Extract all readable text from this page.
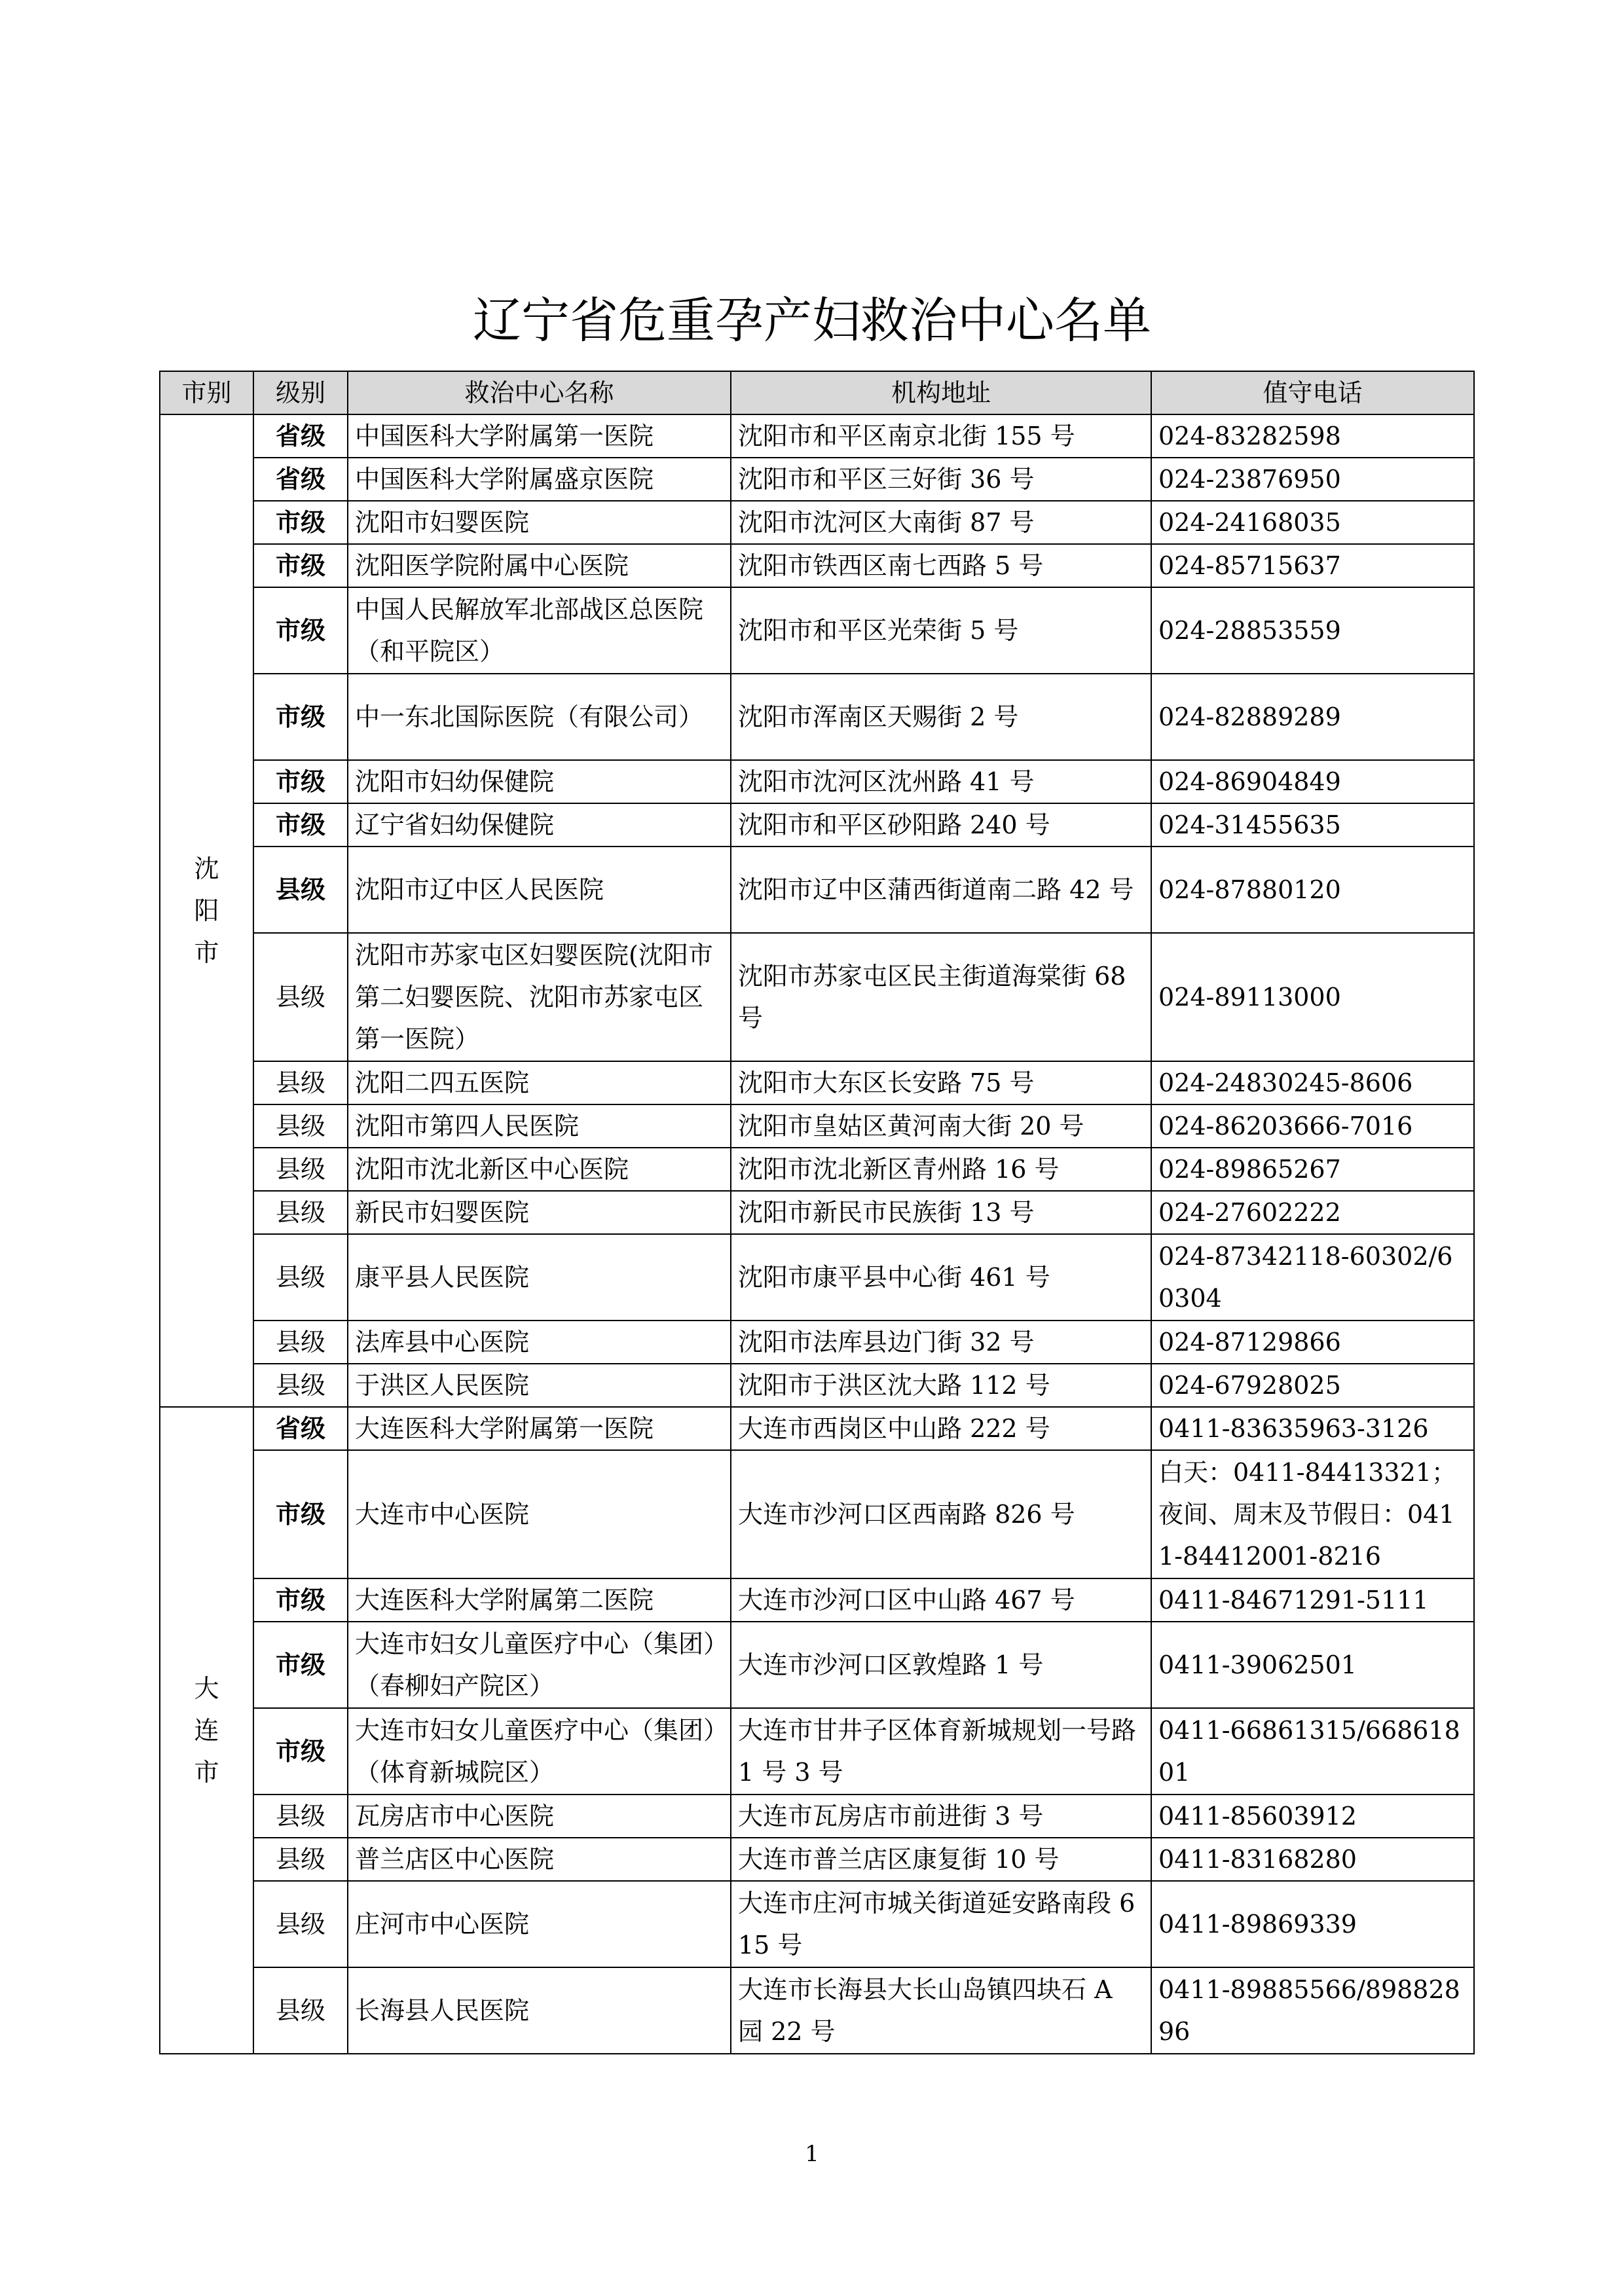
辽宁省危重孕产妇救治中心名单
市别	级别	救治中心名称	机构地址	值守电话
沈
阳
市	省级	中国医科大学附属第一医院	沈阳市和平区南京北街 155 号	024-83282598
	省级	中国医科大学附属盛京医院	沈阳市和平区三好街 36 号	024-23876950
	市级	沈阳市妇婴医院	沈阳市沈河区大南街 87 号	024-24168035
	市级	沈阳医学院附属中心医院	沈阳市铁西区南七西路 5 号	024-85715637
	市级	中国人民解放军北部战区总医院（和平院区）	沈阳市和平区光荣街 5 号	024-28853559
	市级	中一东北国际医院（有限公司）	沈阳市浑南区天赐街 2 号	024-82889289
	市级	沈阳市妇幼保健院	沈阳市沈河区沈州路 41 号	024-86904849
	市级	辽宁省妇幼保健院	沈阳市和平区砂阳路 240 号	024-31455635
	县级	沈阳市辽中区人民医院	沈阳市辽中区蒲西街道南二路 42 号	024-87880120
	县级	沈阳市苏家屯区妇婴医院(沈阳市第二妇婴医院、沈阳市苏家屯区第一医院）	沈阳市苏家屯区民主街道海棠街 68 号	024-89113000
	县级	沈阳二四五医院	沈阳市大东区长安路 75 号	024-24830245-8606
	县级	沈阳市第四人民医院	沈阳市皇姑区黄河南大街 20 号	024-86203666-7016
	县级	沈阳市沈北新区中心医院	沈阳市沈北新区青州路 16 号	024-89865267
	县级	新民市妇婴医院	沈阳市新民市民族街 13 号	024-27602222
	县级	康平县人民医院	沈阳市康平县中心街 461 号	024-87342118-60302/60304
	县级	法库县中心医院	沈阳市法库县边门街 32 号	024-87129866
	县级	于洪区人民医院	沈阳市于洪区沈大路 112 号	024-67928025
大
连
市	省级	大连医科大学附属第一医院	大连市西岗区中山路 222 号	0411-83635963-3126
	市级	大连市中心医院	大连市沙河口区西南路 826 号	白天：0411-84413321；夜间、周末及节假日：0411-84412001-8216
	市级	大连医科大学附属第二医院	大连市沙河口区中山路 467 号	0411-84671291-5111
	市级	大连市妇女儿童医疗中心（集团）（春柳妇产院区）	大连市沙河口区敦煌路 1 号	0411-39062501
	市级	大连市妇女儿童医疗中心（集团）（体育新城院区）	大连市甘井子区体育新城规划一号路 1 号 3 号	0411-66861315/66861801
	县级	瓦房店市中心医院	大连市瓦房店市前进街 3 号	0411-85603912
	县级	普兰店区中心医院	大连市普兰店区康复街 10 号	0411-83168280
	县级	庄河市中心医院	大连市庄河市城关街道延安路南段 615 号	0411-89869339
	县级	长海县人民医院	大连市长海县大长山岛镇四块石 A 园 22 号	0411-89885566/89882896
1
